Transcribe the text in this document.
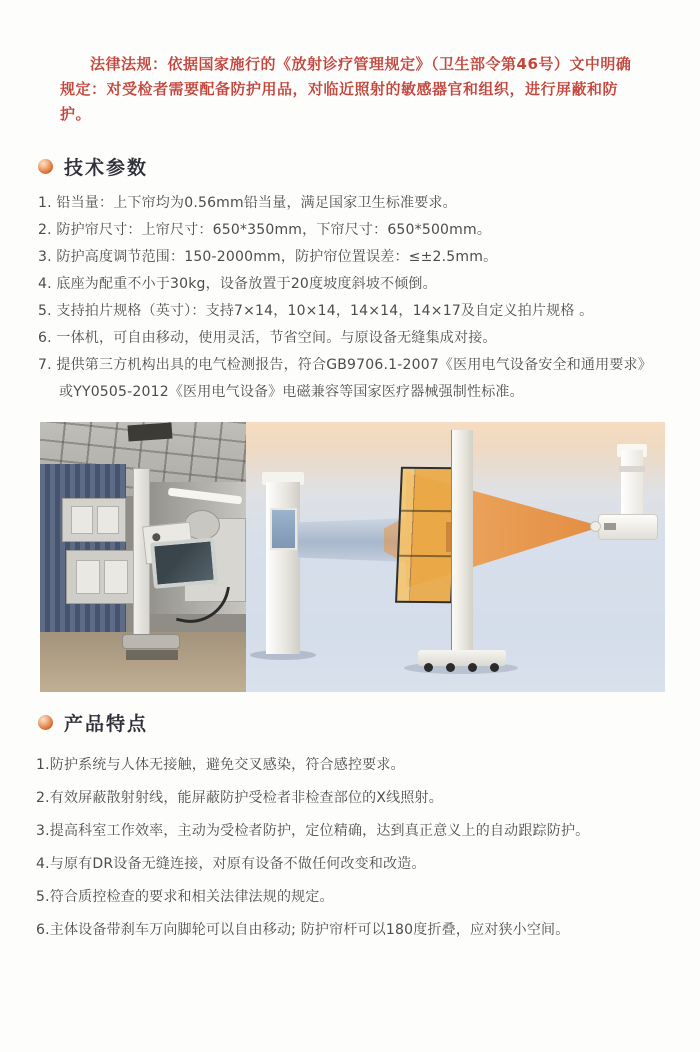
法律法规：依据国家施行的《放射诊疗管理规定》（卫生部令第46号）文中明确规定：对受检者需要配备防护用品，对临近照射的敏感器官和组织，进行屏蔽和防护。

技术参数

1. 铅当量：上下帘均为0.56mm铅当量，满足国家卫生标准要求。

2. 防护帘尺寸：上帘尺寸：650*350mm，下帘尺寸：650*500mm。

3. 防护高度调节范围：150-2000mm，防护帘位置误差：≤±2.5mm。

4. 底座为配重不小于30kg，设备放置于20度坡度斜坡不倾倒。

5. 支持拍片规格（英寸）：支持7×14，10×14，14×14，14×17及自定义拍片规格 。

6. 一体机，可自由移动，使用灵活，节省空间。与原设备无缝集成对接。

7. 提供第三方机构出具的电气检测报告，符合GB9706.1-2007《医用电气设备安全和通用要求》或YY0505-2012《医用电气设备》电磁兼容等国家医疗器械强制性标准。

产品特点

1.防护系统与人体无接触，避免交叉感染，符合感控要求。

2.有效屏蔽散射射线，能屏蔽防护受检者非检查部位的X线照射。

3.提高科室工作效率，主动为受检者防护，定位精确，达到真正意义上的自动跟踪防护。

4.与原有DR设备无缝连接，对原有设备不做任何改变和改造。

5.符合质控检查的要求和相关法律法规的规定。

6.主体设备带刹车万向脚轮可以自由移动; 防护帘杆可以180度折叠，应对狭小空间。
